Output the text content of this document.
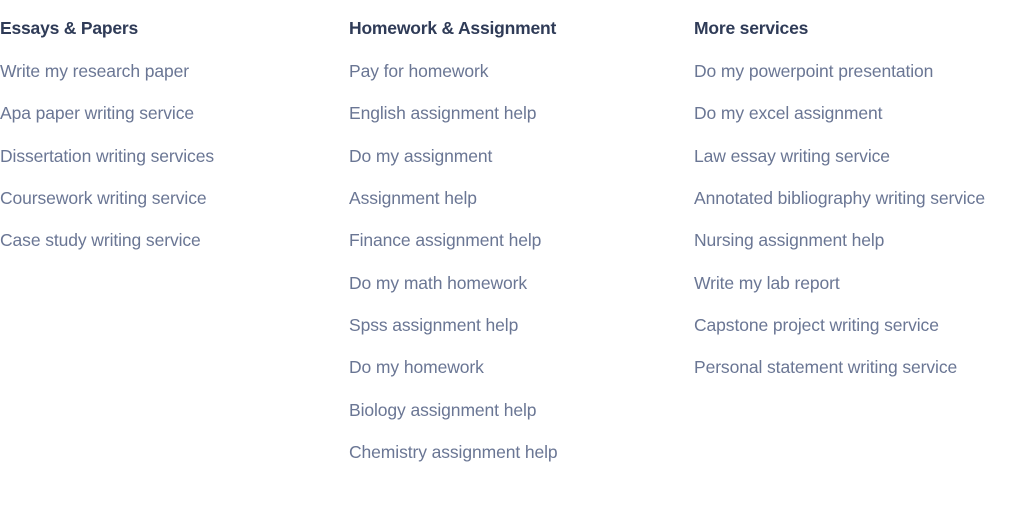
Essays & Papers
Write my research paper
Apa paper writing service
Dissertation writing services
Coursework writing service
Case study writing service
Homework & Assignment
Pay for homework
English assignment help
Do my assignment
Assignment help
Finance assignment help
Do my math homework
Spss assignment help
Do my homework
Biology assignment help
Chemistry assignment help
More services
Do my powerpoint presentation
Do my excel assignment
Law essay writing service
Annotated bibliography writing service
Nursing assignment help
Write my lab report
Capstone project writing service
Personal statement writing service
